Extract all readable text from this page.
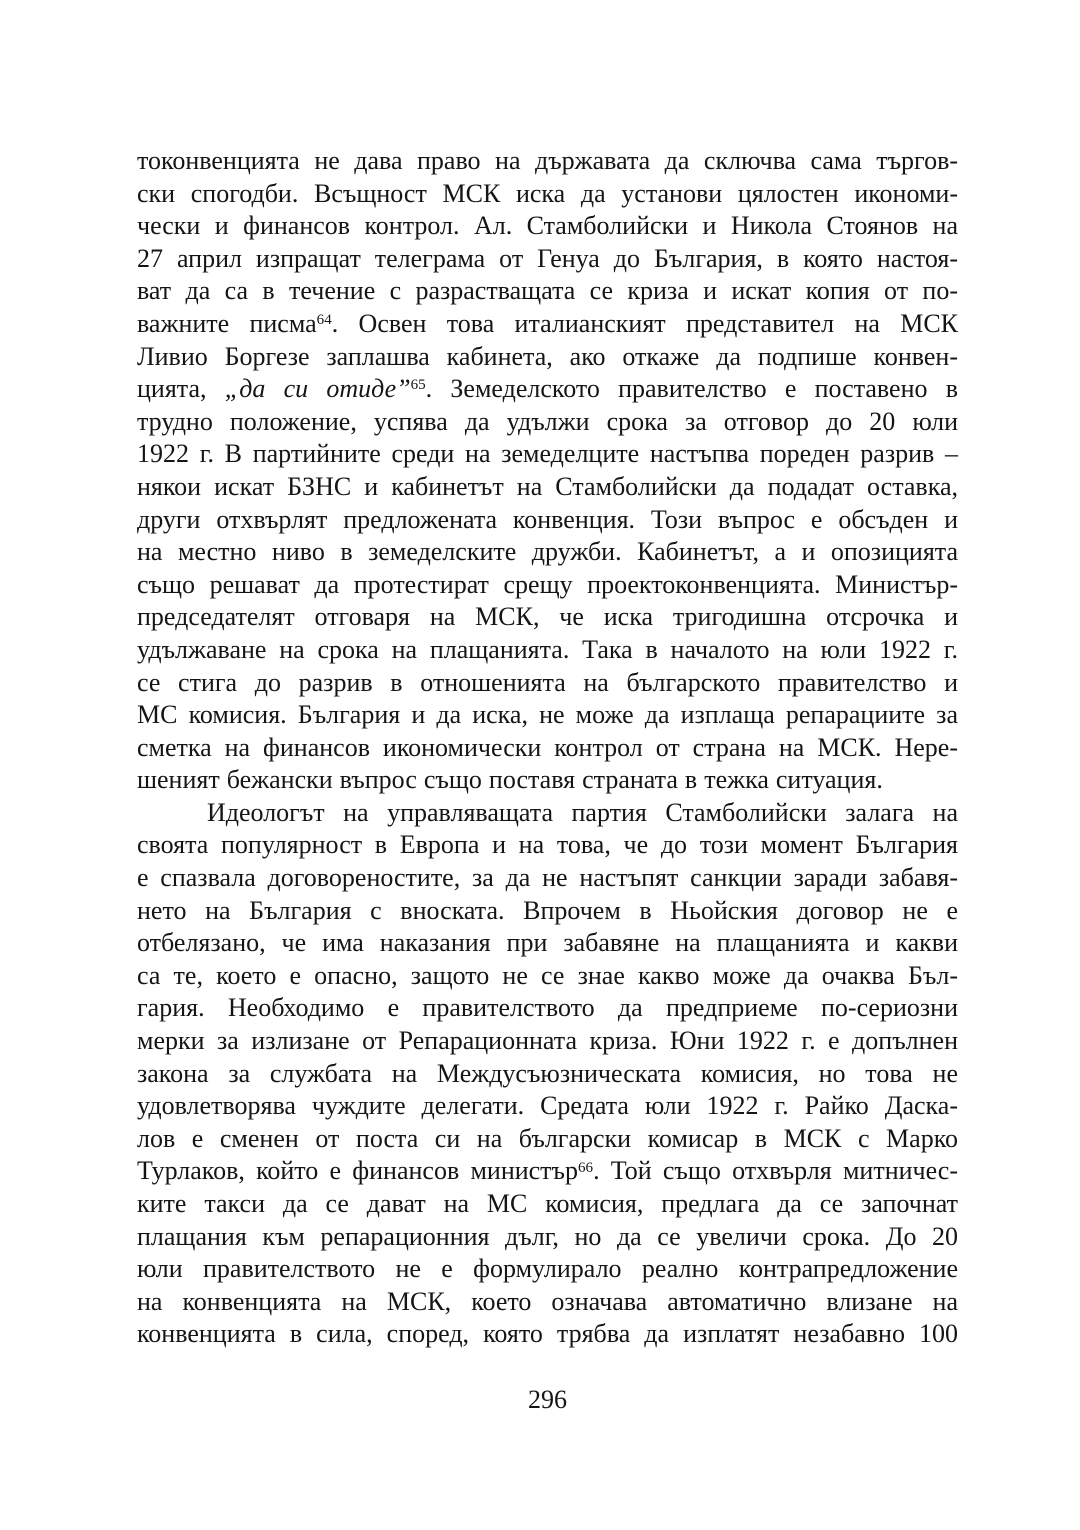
токонвенцията не дава право на държавата да сключва сама търгов-
ски спогодби. Всъщност МСК иска да установи цялостен икономи-
чески и финансов контрол. Ал. Стамболийски и Никола Стоянов на
27 април изпращат телеграма от Генуа до България, в която настоя-
ват да са в течение с разрастващата се криза и искат копия от по-
важните писма$^{64}$. Освен това италианският представител на МСК
Ливио Боргезе заплашва кабинета, ако откаже да подпише конвен-
цията, „да си отиде”$^{65}$. Земеделското правителство е поставено в
трудно положение, успява да удължи срока за отговор до 20 юли
1922 г. В партийните среди на земеделците настъпва пореден разрив –
някои искат БЗНС и кабинетът на Стамболийски да подадат оставка,
други отхвърлят предложената конвенция. Този въпрос е обсъден и
на местно ниво в земеделските дружби. Кабинетът, а и опозицията
също решават да протестират срещу проектоконвенцията. Министър-
председателят отговаря на МСК, че иска тригодишна отсрочка и
удължаване на срока на плащанията. Така в началото на юли 1922 г.
се стига до разрив в отношенията на българското правителство и
МС комисия. България и да иска, не може да изплаща репарациите за
сметка на финансов икономически контрол от страна на МСК. Нере-
шеният бежански въпрос също поставя страната в тежка ситуация.
Идеологът на управляващата партия Стамболийски залага на
своята популярност в Европа и на това, че до този момент България
е спазвала договореностите, за да не настъпят санкции заради забавя-
нето на България с вноската. Впрочем в Ньойския договор не е
отбелязано, че има наказания при забавяне на плащанията и какви
са те, което е опасно, защото не се знае какво може да очаква Бъл-
гария. Необходимо е правителството да предприеме по-сериозни
мерки за излизане от Репарационната криза. Юни 1922 г. е допълнен
закона за службата на Междусъюзническата комисия, но това не
удовлетворява чуждите делегати. Средата юли 1922 г. Райко Даска-
лов е сменен от поста си на български комисар в МСК с Марко
Турлаков, който е финансов министър$^{66}$. Той също отхвърля митничес-
ките такси да се дават на МС комисия, предлага да се започнат
плащания към репарационния дълг, но да се увеличи срока. До 20
юли правителството не е формулирало реално контрапредложение
на конвенцията на МСК, което означава автоматично влизане на
конвенцията в сила, според, която трябва да изплатят незабавно 100
296
